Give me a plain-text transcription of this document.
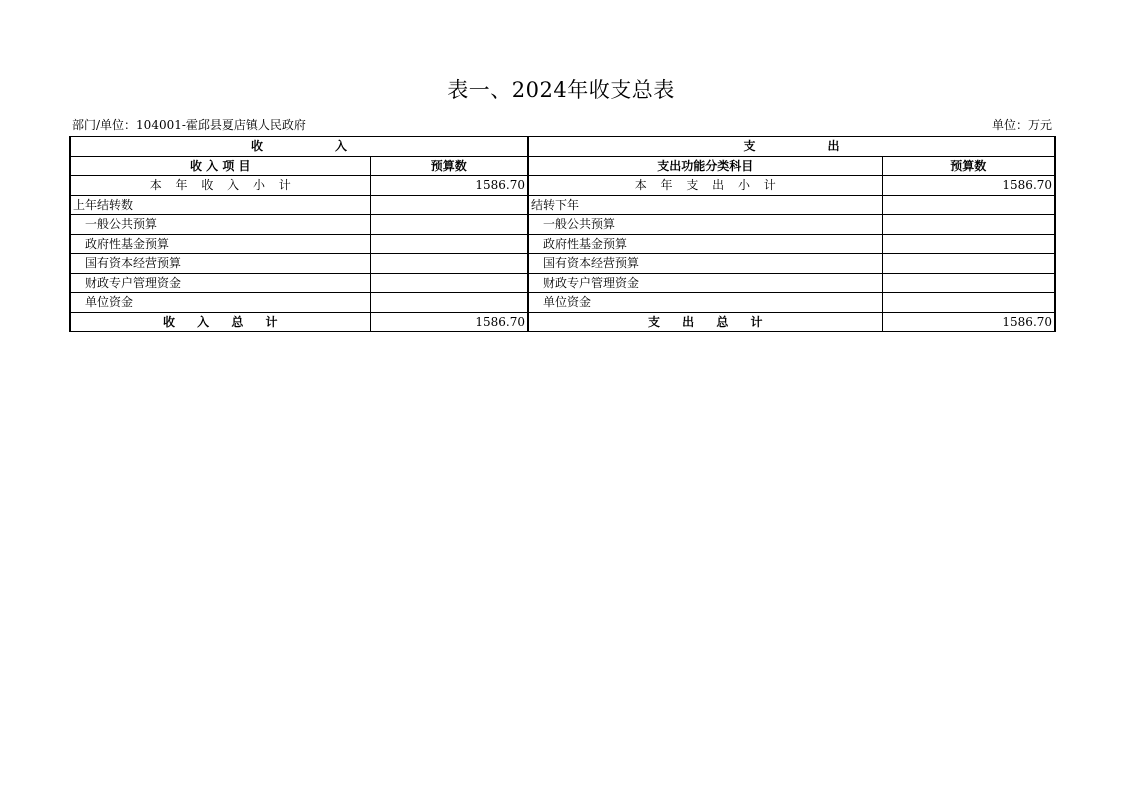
表一、2024年收支总表
部门/单位：104001-霍邱县夏店镇人民政府	单位：万元
收　　　　　　入		支　　　　　　出	
收 入 项 目	预算数	支出功能分类科目	预算数
本 年 收 入 小 计	1586.70	本 年 支 出 小 计	1586.70
上年结转数		结转下年	
一般公共预算		一般公共预算	
政府性基金预算		政府性基金预算	
国有资本经营预算		国有资本经营预算	
财政专户管理资金		财政专户管理资金	
单位资金		单位资金	
收 入 总 计	1586.70	支 出 总 计	1586.70
